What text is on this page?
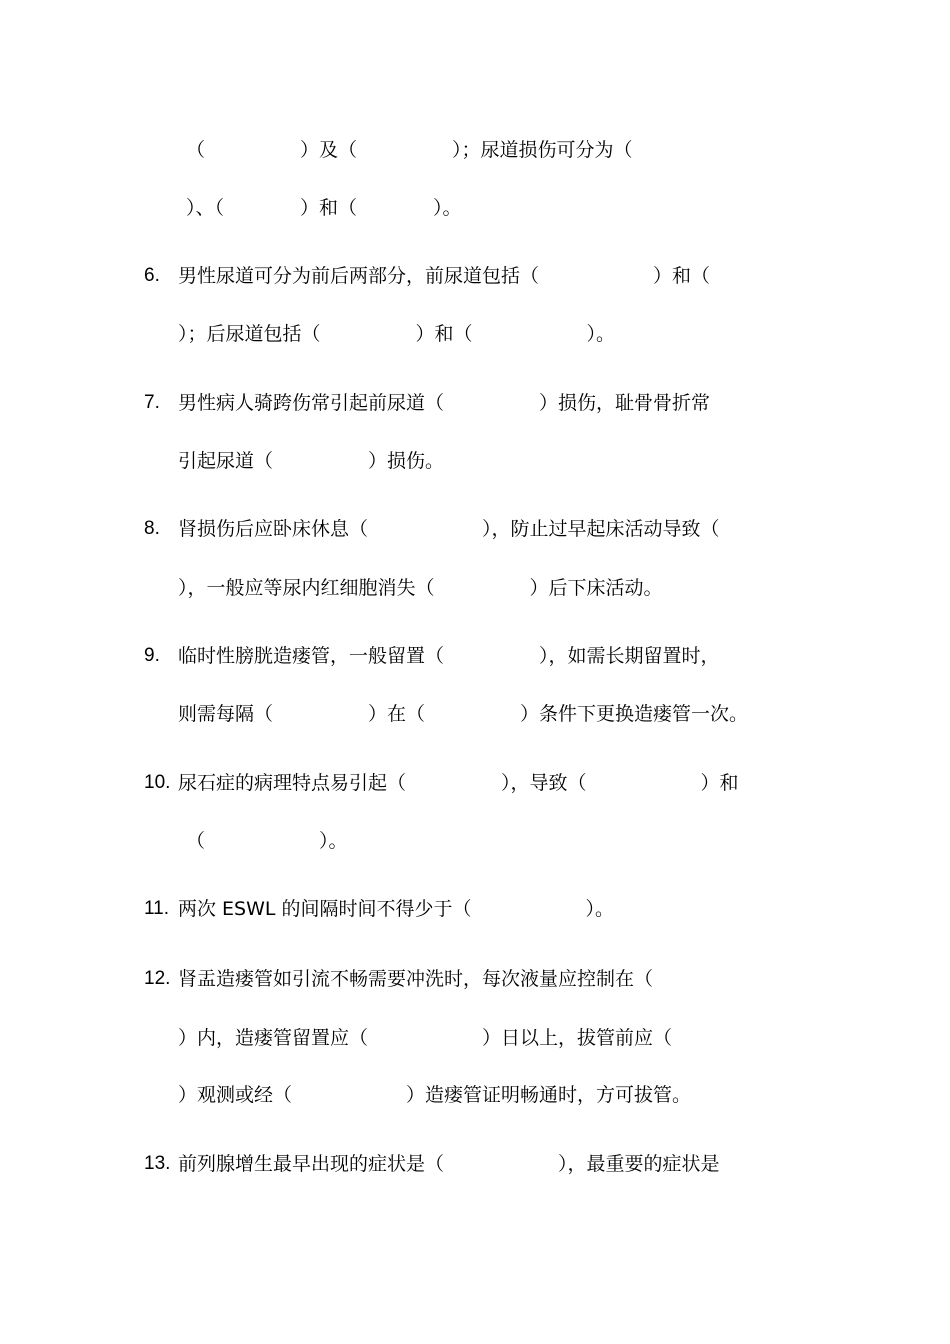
（　　　　　）及（　　　　　）；尿道损伤可分为（

）、（　　　　）和（　　　　）。

6.

男性尿道可分为前后两部分，前尿道包括（　　　　　　）和（

）；后尿道包括（　　　　　）和（　　　　　　）。

7.

男性病人骑跨伤常引起前尿道（　　　　　）损伤，耻骨骨折常

引起尿道（　　　　　）损伤。

8.

肾损伤后应卧床休息（　　　　　　），防止过早起床活动导致（

），一般应等尿内红细胞消失（　　　　　）后下床活动。

9.

临时性膀胱造瘘管，一般留置（　　　　　），如需长期留置时，

则需每隔（　　　　　）在（　　　　　）条件下更换造瘘管一次。

10.

尿石症的病理特点易引起（　　　　　），导致（　　　　　　）和

（　　　　　　）。

11.

两次 ESWL 的间隔时间不得少于（　　　　　　）。

12.

肾盂造瘘管如引流不畅需要冲洗时，每次液量应控制在（

）内，造瘘管留置应（　　　　　　）日以上，拔管前应（

）观测或经（　　　　　　）造瘘管证明畅通时，方可拔管。

13.

前列腺增生最早出现的症状是（　　　　　　），最重要的症状是
